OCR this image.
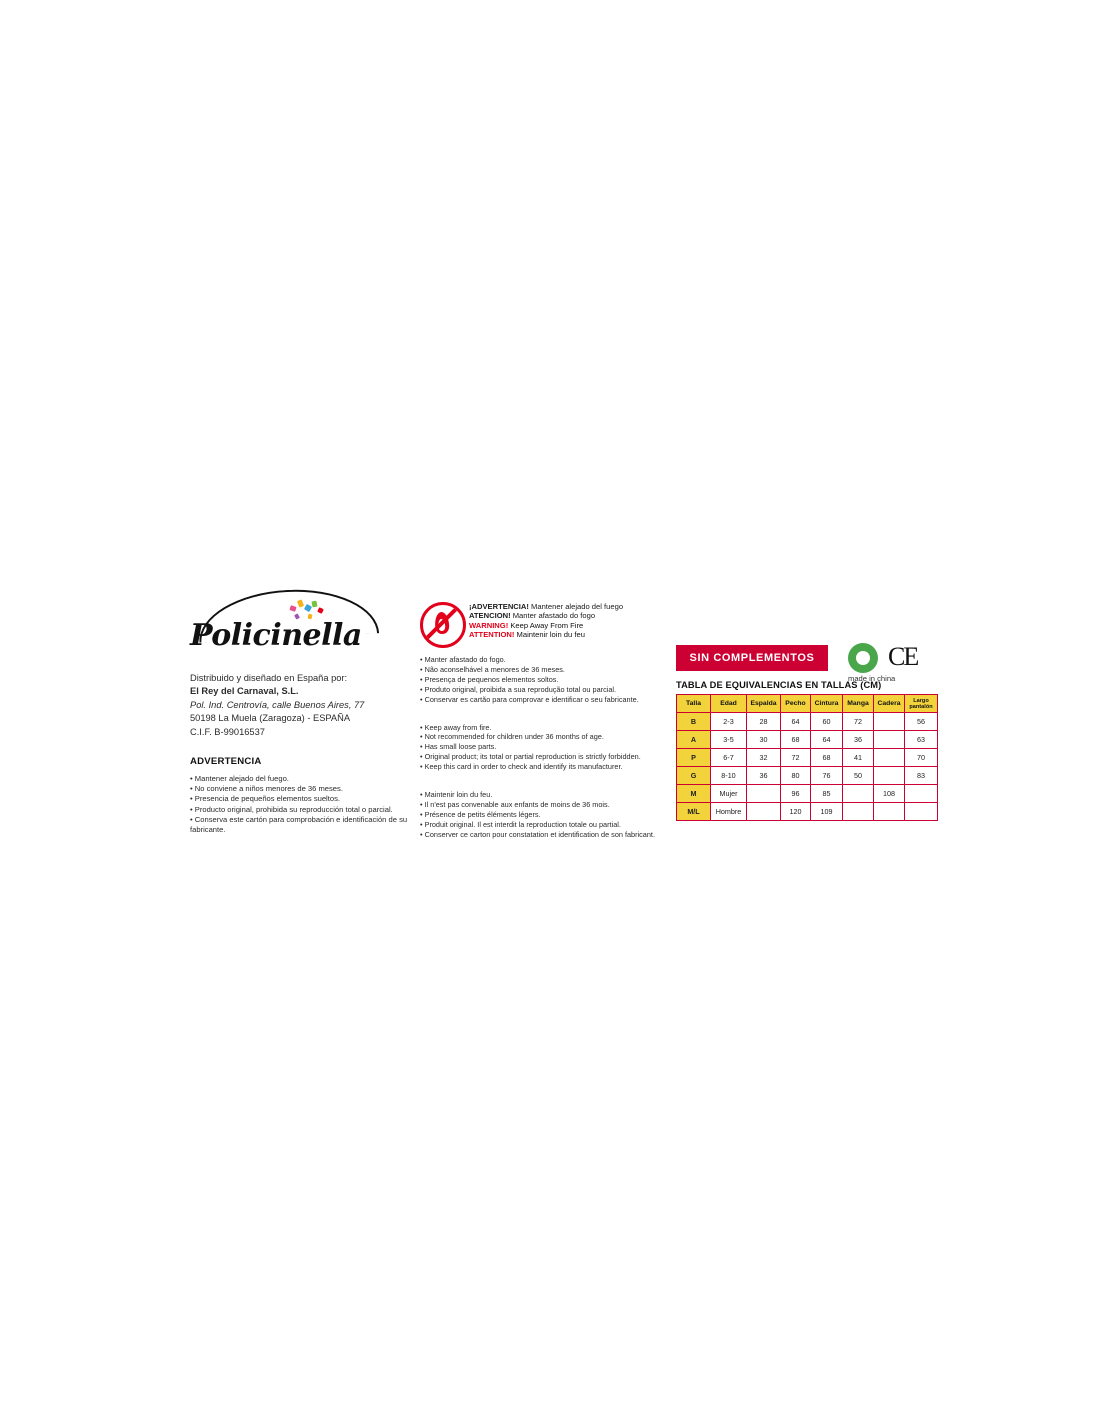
Policinella
Distribuido y diseñado en España por:
El Rey del Carnaval, S.L.
Pol. Ind. Centrovía, calle Buenos Aires, 77
50198 La Muela (Zaragoza) - ESPAÑA
C.I.F. B-99016537
ADVERTENCIA
• Mantener alejado del fuego.
• No conviene a niños menores de 36 meses.
• Presencia de pequeños elementos sueltos.
• Producto original, prohibida su reproducción total o parcial.
• Conserva este cartón para comprobación e identificación de su fabricante.
¡ADVERTENCIA! Mantener alejado del fuego
ATENCION! Manter afastado do fogo
WARNING! Keep Away From Fire
ATTENTION! Maintenir loin du feu
• Manter afastado do fogo.
• Não aconselhável a menores de 36 meses.
• Presença de pequenos elementos soltos.
• Produto original, proibida a sua reprodução total ou parcial.
• Conservar es cartão para comprovar e identificar o seu fabricante.
• Keep away from fire.
• Not recommended for children under 36 months of age.
• Has small loose parts.
• Original product; its total or partial reproduction is strictly forbidden.
• Keep this card in order to check and identify its manufacturer.
• Maintenir loin du feu.
• Il n'est pas convenable aux enfants de moins de 36 mois.
• Présence de petits éléments légers.
• Produit original. Il est interdit la reproduction totale ou partial.
• Conserver ce carton pour constatation et identification de son fabricant.
SIN COMPLEMENTOS	CE
made in china
TABLA DE EQUIVALENCIAS EN TALLAS (CM)
Talla	Edad	Espalda	Pecho	Cintura	Manga	Cadera	Largo
pantalón

B	2-3	28	64	60	72		56
A	3-5	30	68	64	36		63
P	6-7	32	72	68	41		70
G	8-10	36	80	76	50		83
M	Mujer		96	85		108	
M/L	Hombre		120	109			
